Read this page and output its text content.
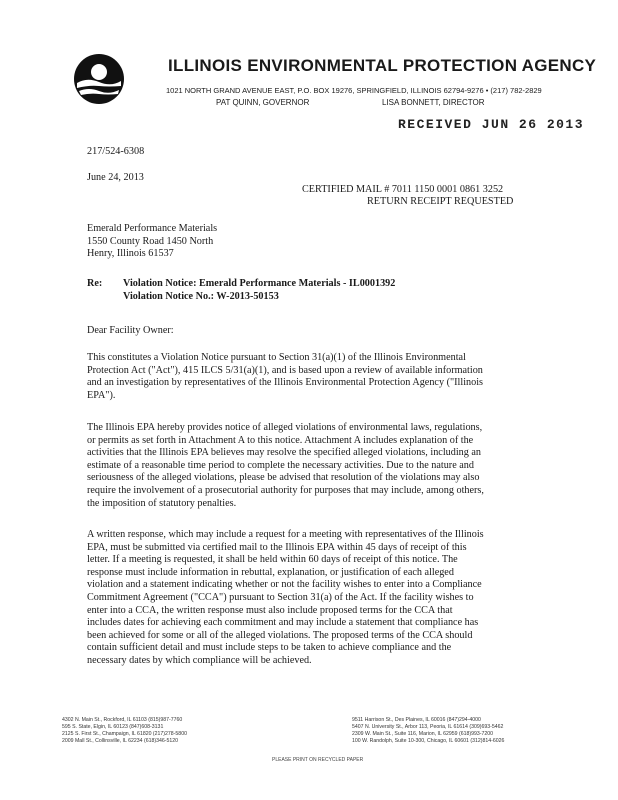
ILLINOIS ENVIRONMENTAL PROTECTION AGENCY
1021 NORTH GRAND AVENUE EAST, P.O. BOX 19276, SPRINGFIELD, ILLINOIS 62794-9276 • (217) 782-2829
PAT QUINN, GOVERNOR	LISA BONNETT, DIRECTOR
RECEIVED JUN 26 2013
217/524-6308
June 24, 2013
CERTIFIED MAIL # 7011 1150 0001 0861 3252
RETURN RECEIPT REQUESTED
Emerald Performance Materials
1550 County Road 1450 North
Henry, Illinois 61537
Re: Violation Notice: Emerald Performance Materials - IL0001392
Violation Notice No.: W-2013-50153
Dear Facility Owner:
This constitutes a Violation Notice pursuant to Section 31(a)(1) of the Illinois Environmental
Protection Act ("Act"), 415 ILCS 5/31(a)(1), and is based upon a review of available information
and an investigation by representatives of the Illinois Environmental Protection Agency ("Illinois
EPA").
The Illinois EPA hereby provides notice of alleged violations of environmental laws, regulations,
or permits as set forth in Attachment A to this notice. Attachment A includes explanation of the
activities that the Illinois EPA believes may resolve the specified alleged violations, including an
estimate of a reasonable time period to complete the necessary activities. Due to the nature and
seriousness of the alleged violations, please be advised that resolution of the violations may also
require the involvement of a prosecutorial authority for purposes that may include, among others,
the imposition of statutory penalties.
A written response, which may include a request for a meeting with representatives of the Illinois
EPA, must be submitted via certified mail to the Illinois EPA within 45 days of receipt of this
letter. If a meeting is requested, it shall be held within 60 days of receipt of this notice. The
response must include information in rebuttal, explanation, or justification of each alleged
violation and a statement indicating whether or not the facility wishes to enter into a Compliance
Commitment Agreement ("CCA") pursuant to Section 31(a) of the Act. If the facility wishes to
enter into a CCA, the written response must also include proposed terms for the CCA that
includes dates for achieving each commitment and may include a statement that compliance has
been achieved for some or all of the alleged violations. The proposed terms of the CCA should
contain sufficient detail and must include steps to be taken to achieve compliance and the
necessary dates by which compliance will be achieved.
4302 N. Main St., Rockford, IL 61103 (815)987-7760
595 S. State, Elgin, IL 60123 (847)608-3131
2125 S. First St., Champaign, IL 61820 (217)278-5800
2009 Mall St., Collinsville, IL 62234 (618)346-5120
9511 Harrison St., Des Plaines, IL 60016 (847)294-4000
5407 N. University St., Arbor 113, Peoria, IL 61614 (309)693-5462
2309 W. Main St., Suite 116, Marion, IL 62959 (618)993-7200
100 W. Randolph, Suite 10-300, Chicago, IL 60601 (312)814-6026
PLEASE PRINT ON RECYCLED PAPER
